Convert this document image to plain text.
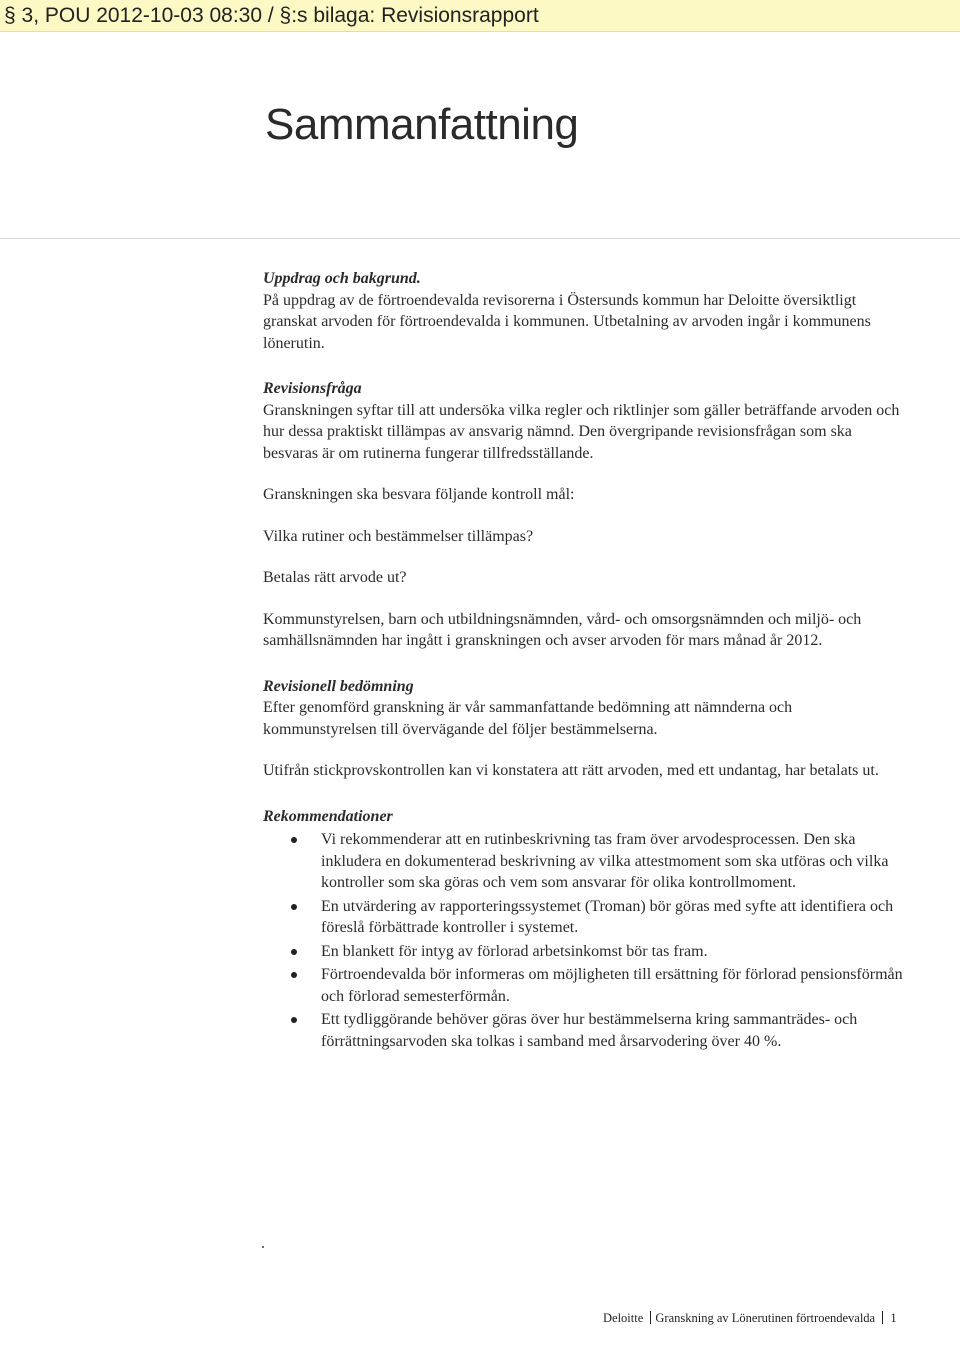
§ 3, POU 2012-10-03 08:30 / §:s bilaga: Revisionsrapport
Sammanfattning

Uppdrag och bakgrund.

På uppdrag av de förtroendevalda revisorerna i Östersunds kommun har Deloitte översiktligt granskat arvoden för förtroendevalda i kommunen. Utbetalning av arvoden ingår i kommunens lönerutin.

Revisionsfråga

Granskningen syftar till att undersöka vilka regler och riktlinjer som gäller beträffande arvoden och hur dessa praktiskt tillämpas av ansvarig nämnd. Den övergripande revisionsfrågan som ska besvaras är om rutinerna fungerar tillfredsställande.

Granskningen ska besvara följande kontroll mål:

Vilka rutiner och bestämmelser tillämpas?

Betalas rätt arvode ut?

Kommunstyrelsen, barn och utbildningsnämnden, vård- och omsorgsnämnden och miljö- och samhällsnämnden har ingått i granskningen och avser arvoden för mars månad år 2012.

Revisionell bedömning

Efter genomförd granskning är vår sammanfattande bedömning att nämnderna och kommunstyrelsen till övervägande del följer bestämmelserna.

Utifrån stickprovskontrollen kan vi konstatera att rätt arvoden, med ett undantag, har betalats ut.

Rekommendationer

Vi rekommenderar att en rutinbeskrivning tas fram över arvodesprocessen. Den ska inkludera en dokumenterad beskrivning av vilka attestmoment som ska utföras och vilka kontroller som ska göras och vem som ansvarar för olika kontrollmoment.
En utvärdering av rapporteringssystemet (Troman) bör göras med syfte att identifiera och föreslå förbättrade kontroller i systemet.
En blankett för intyg av förlorad arbetsinkomst bör tas fram.
Förtroendevalda bör informeras om möjligheten till ersättning för förlorad pensionsförmån och förlorad semesterförmån.
Ett tydliggörande behöver göras över hur bestämmelserna kring sammanträdes- och förrättningsarvoden ska tolkas i samband med årsarvodering över 40 %.
Deloitte Granskning av Lönerutinen förtroendevalda 1
